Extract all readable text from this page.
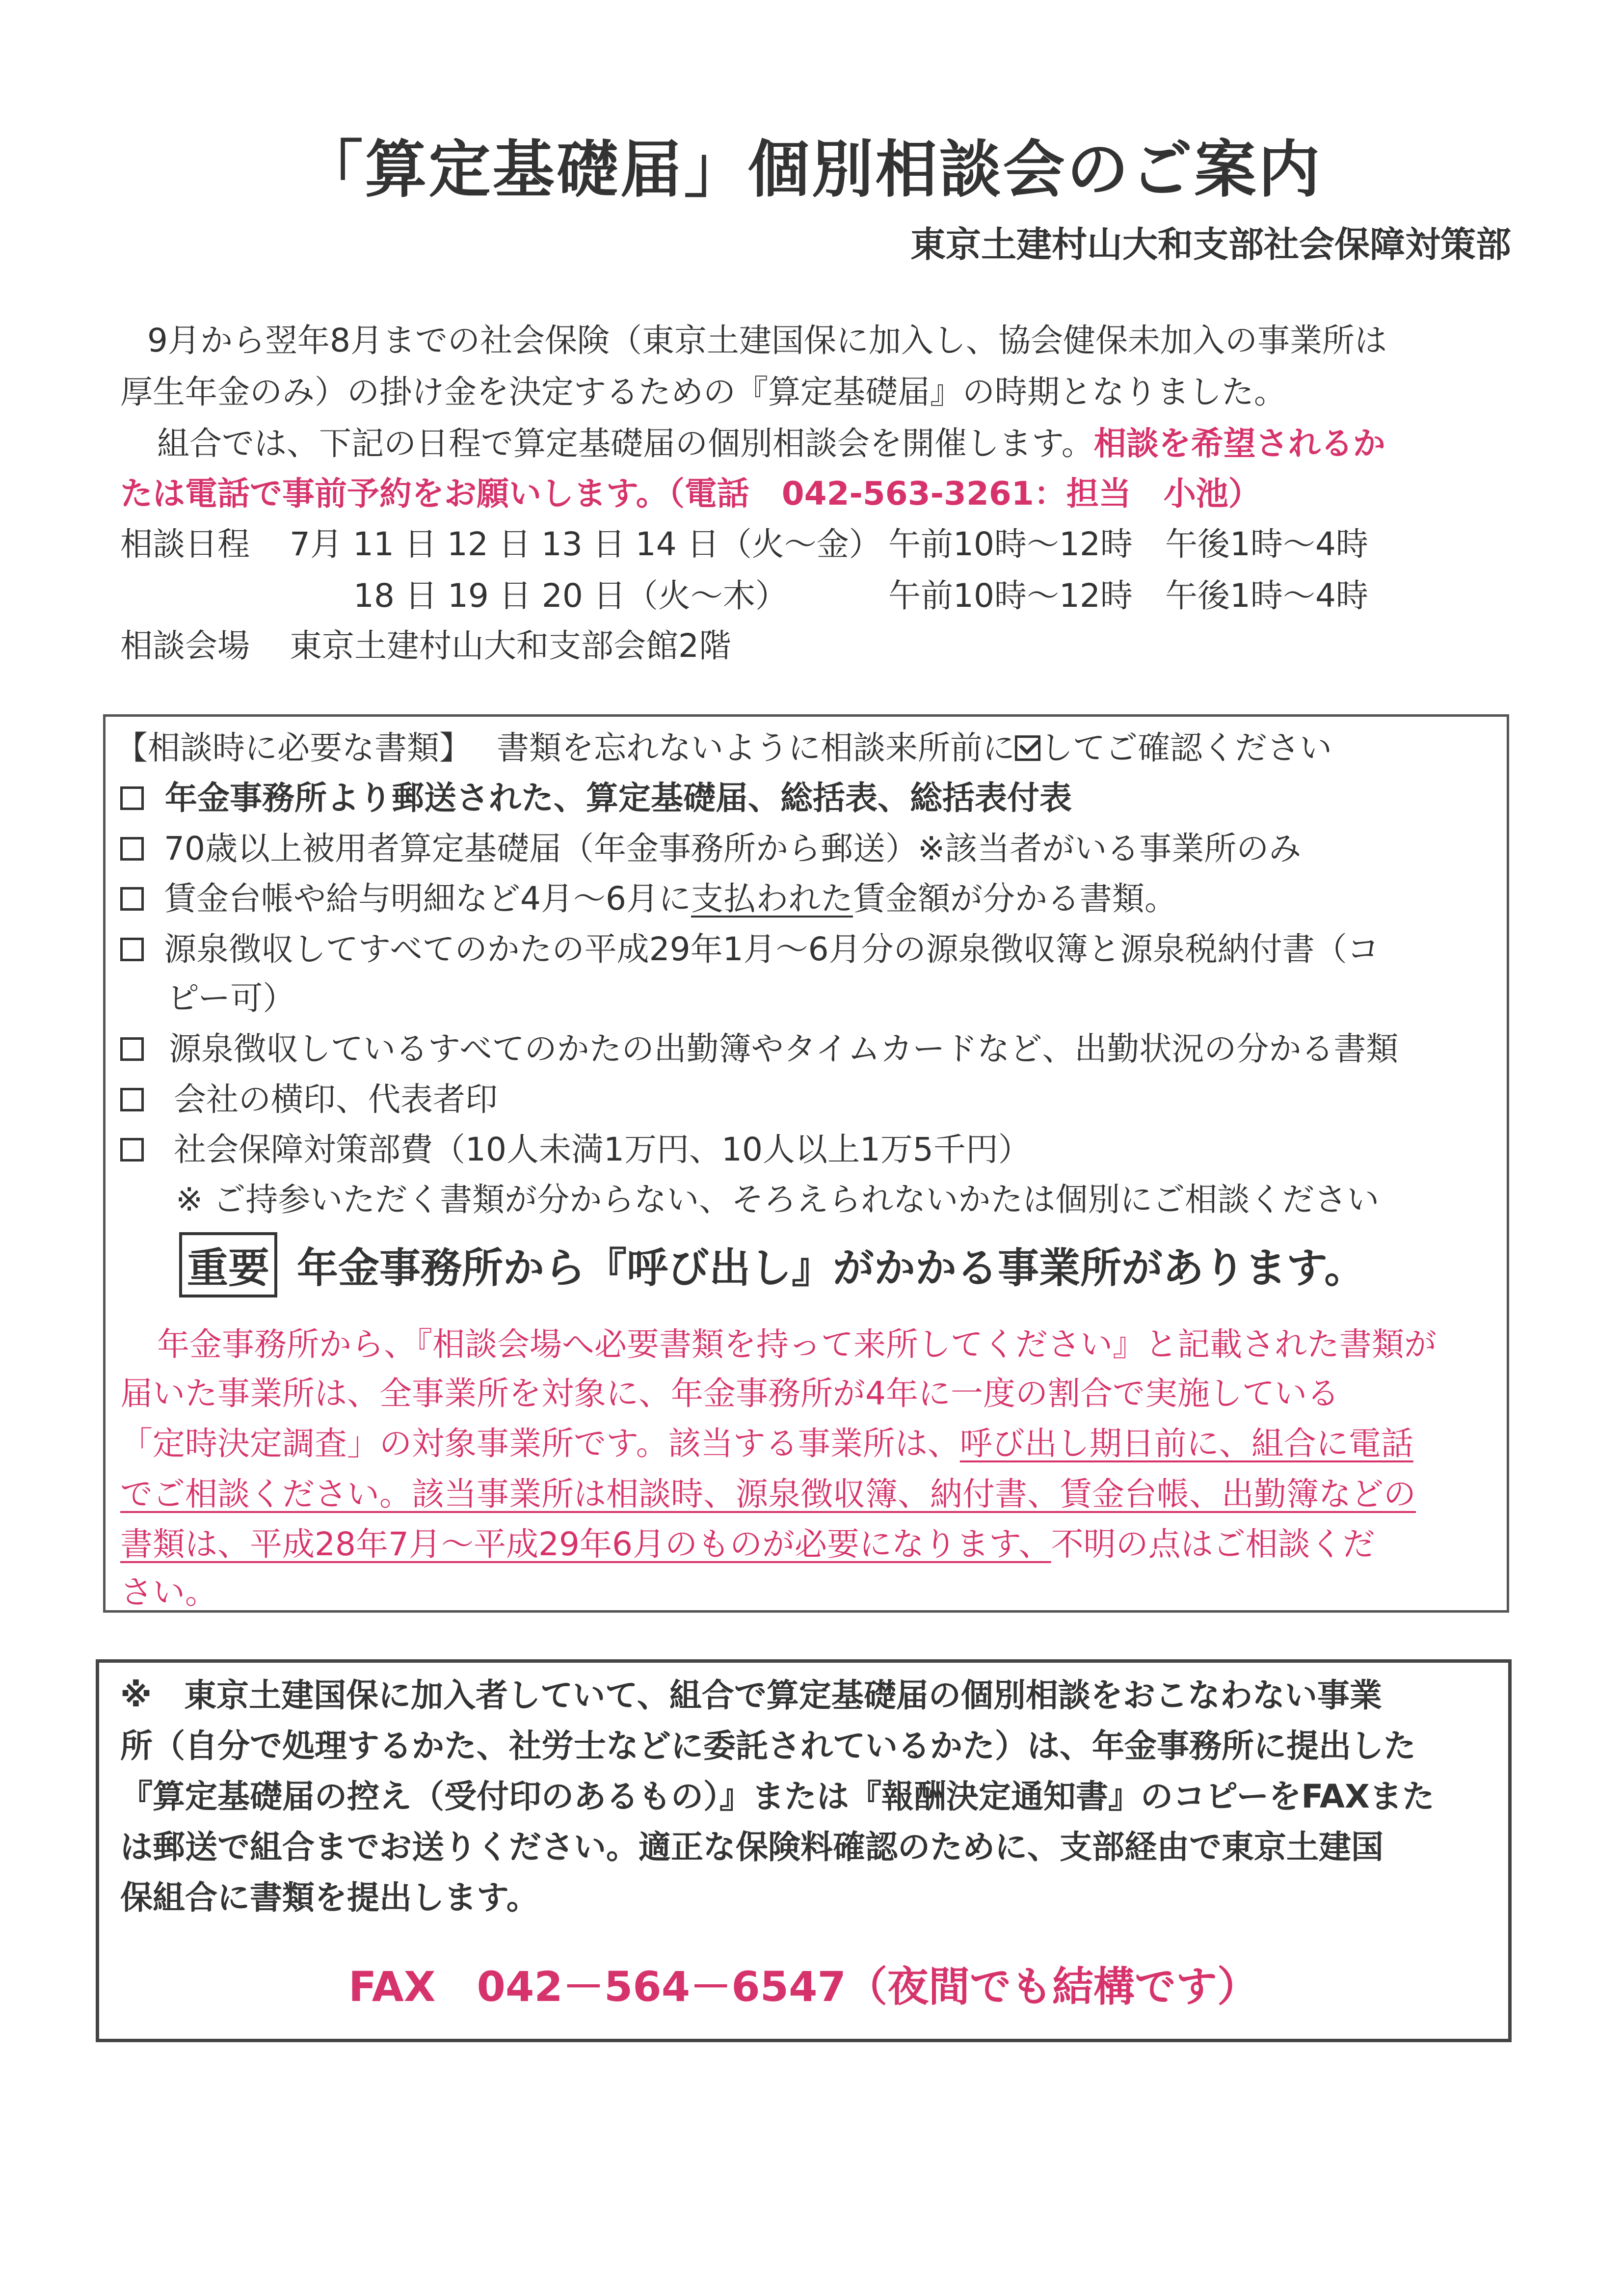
「算定基礎届」個別相談会のご案内
東京土建村山大和支部社会保障対策部
9月から翌年8月までの社会保険（東京土建国保に加入し、協会健保未加入の事業所は
厚生年金のみ）の掛け金を決定するための『算定基礎届』の時期となりました。
組合では、下記の日程で算定基礎届の個別相談会を開催します。相談を希望されるか
たは電話で事前予約をお願いします。（電話　042-563-3261：担当　小池）
相談日程 7月 11 日 12 日 13 日 14 日（火～金） 午前10時～12時　午後1時～4時
18 日 19 日 20 日（火～木）	午前10時～12時　午後1時～4時
相談会場 東京土建村山大和支部会館2階
【相談時に必要な書類】 書類を忘れないように相談来所前に してご確認ください
年金事務所より郵送された、算定基礎届、総括表、総括表付表
70歳以上被用者算定基礎届（年金事務所から郵送）※該当者がいる事業所のみ
賃金台帳や給与明細など4月～6月に支払われた賃金額が分かる書類。
源泉徴収してすべてのかたの平成29年1月～6月分の源泉徴収簿と源泉税納付書（コ
ピー可）
源泉徴収しているすべてのかたの出勤簿やタイムカードなど、出勤状況の分かる書類
会社の横印、代表者印
社会保障対策部費（10人未満1万円、10人以上1万5千円）
※ ご持参いただく書類が分からない、そろえられないかたは個別にご相談ください
重要 年金事務所から『呼び出し』がかかる事業所があります。
年金事務所から、『相談会場へ必要書類を持って来所してください』と記載された書類が
届いた事業所は、全事業所を対象に、年金事務所が4年に一度の割合で実施している
「定時決定調査」の対象事業所です。該当する事業所は、呼び出し期日前に、組合に電話
でご相談ください。該当事業所は相談時、源泉徴収簿、納付書、賃金台帳、出勤簿などの
書類は、平成28年7月～平成29年6月のものが必要になります、不明の点はご相談くだ
さい。
※　東京土建国保に加入者していて、組合で算定基礎届の個別相談をおこなわない事業
所（自分で処理するかた、社労士などに委託されているかた）は、年金事務所に提出した
『算定基礎届の控え（受付印のあるもの）』または『報酬決定通知書』のコピーをFAXまた
は郵送で組合までお送りください。適正な保険料確認のために、支部経由で東京土建国
保組合に書類を提出します。
FAX　042－564－6547（夜間でも結構です）
